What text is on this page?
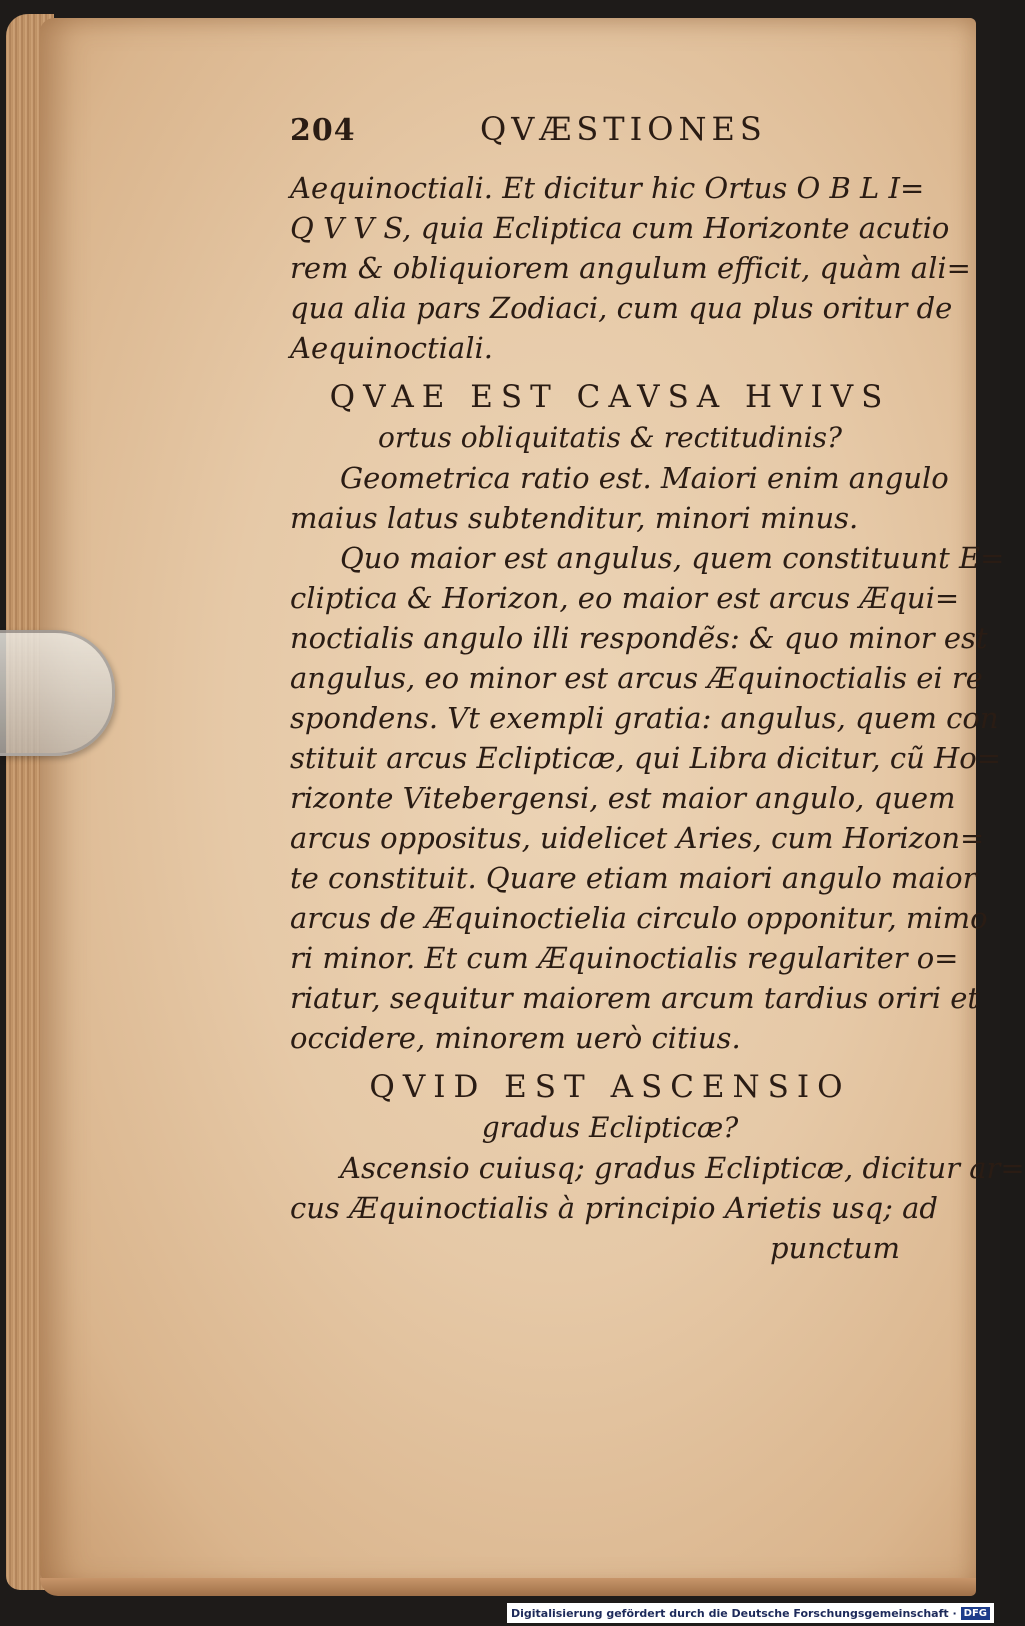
204	QVÆSTIONES
Aequinoctiali. Et dicitur hic Ortus O B L I=
Q V V S, quia Ecliptica cum Horizonte acutio
rem & obliquiorem angulum efficit, quàm ali=
qua alia pars Zodiaci, cum qua plus oritur de
Aequinoctiali.
QVAE EST CAVSA HVIVS
ortus obliquitatis & rectitudinis?
Geometrica ratio est. Maiori enim angulo
maius latus subtenditur, minori minus.
Quo maior est angulus, quem constituunt E=
cliptica & Horizon, eo maior est arcus Æqui=
noctialis angulo illi respondẽs: & quo minor est
angulus, eo minor est arcus Æquinoctialis ei re
spondens. Vt exempli gratia: angulus, quem con
stituit arcus Eclipticæ, qui Libra dicitur, cũ Ho=
rizonte Vitebergensi, est maior angulo, quem
arcus oppositus, uidelicet Aries, cum Horizon=
te constituit. Quare etiam maiori angulo maior
arcus de Æquinoctielia circulo opponitur, mimo
ri minor. Et cum Æquinoctialis regulariter o=
riatur, sequitur maiorem arcum tardius oriri et
occidere, minorem uerò citius.
QVID EST ASCENSIO
gradus Eclipticæ?
Ascensio cuiusq; gradus Eclipticæ, dicitur ar=
cus Æquinoctialis à principio Arietis usq; ad
punctum
Digitalisierung gefördert durch die Deutsche Forschungsgemeinschaft · DFG
